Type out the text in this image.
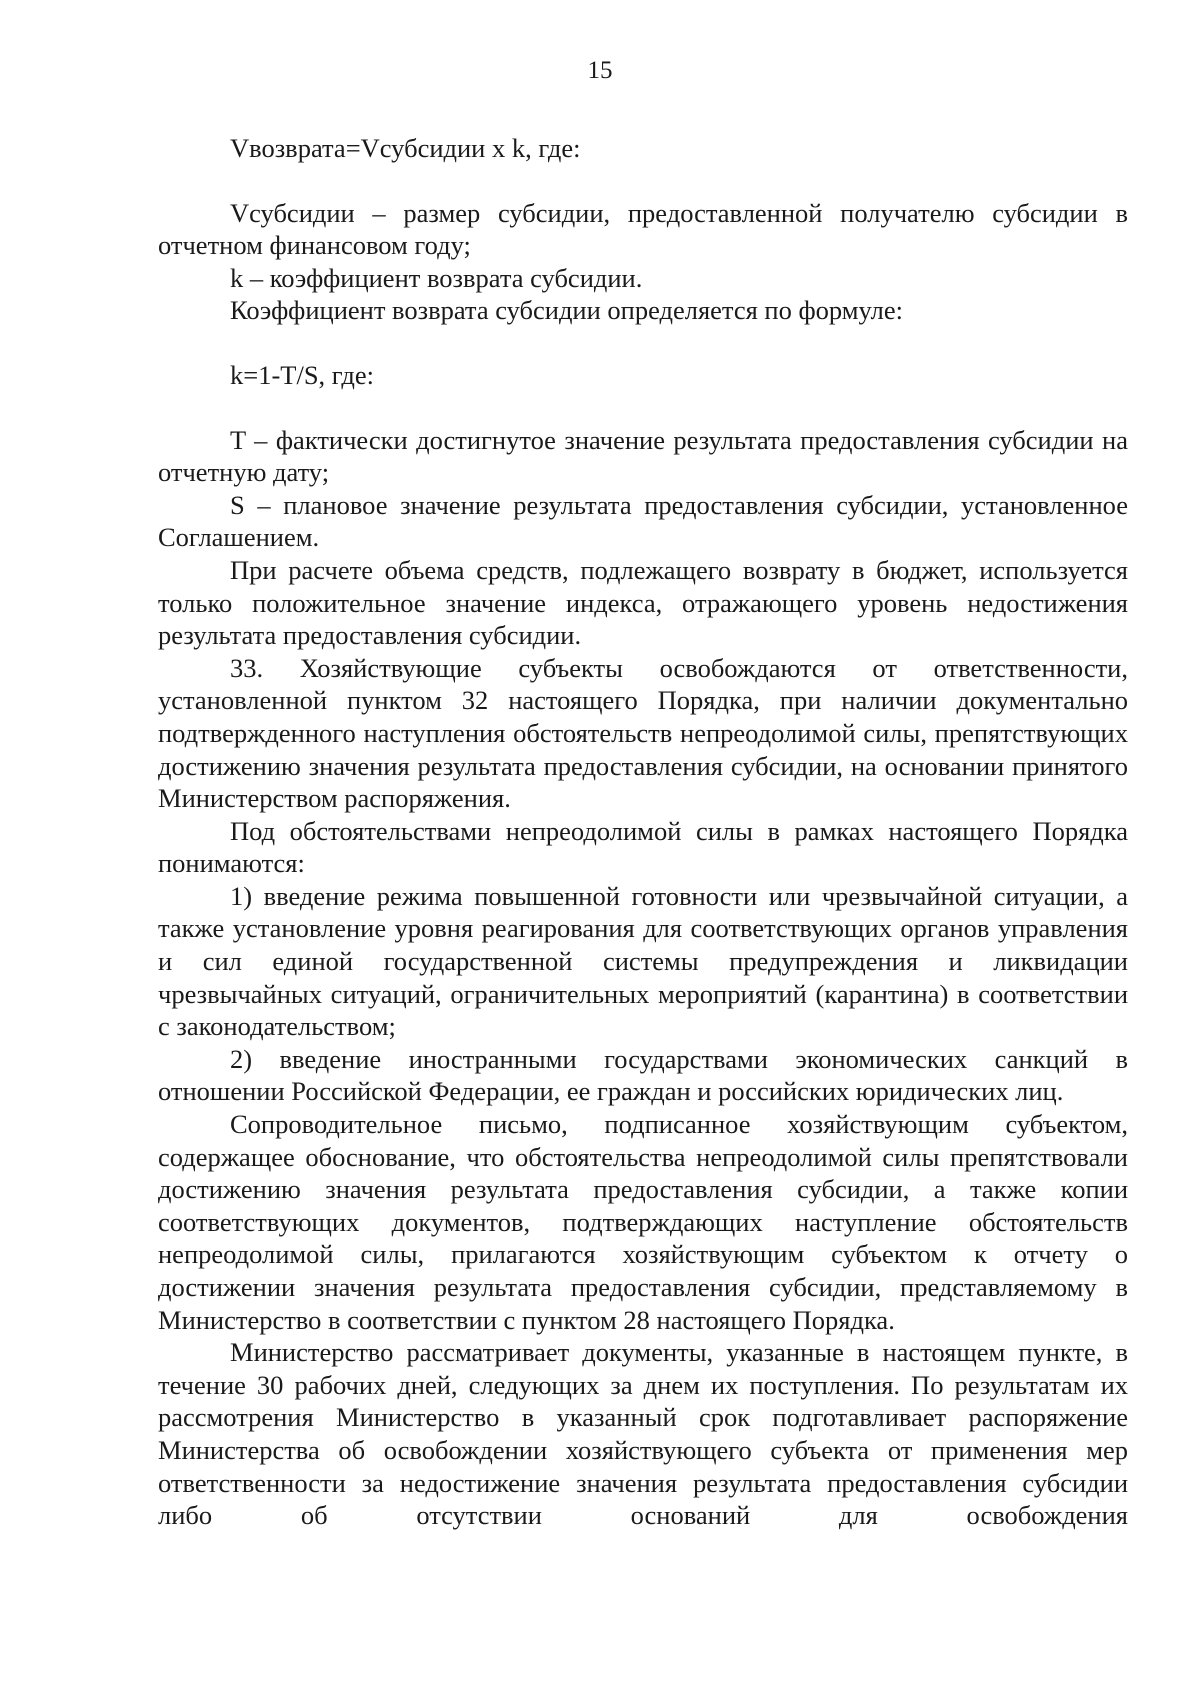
15

Vвозврата=Vсубсидии х k, где:

Vсубсидии – размер субсидии, предоставленной получателю субсидии в отчетном финансовом году;

k – коэффициент возврата субсидии.

Коэффициент возврата субсидии определяется по формуле:

k=1-T/S, где:

T – фактически достигнутое значение результата предоставления субсидии на отчетную дату;

S – плановое значение результата предоставления субсидии, установленное Соглашением.

При расчете объема средств, подлежащего возврату в бюджет, используется только положительное значение индекса, отражающего уровень недостижения результата предоставления субсидии.

33. Хозяйствующие субъекты освобождаются от ответственности, установленной пунктом 32 настоящего Порядка, при наличии документально подтвержденного наступления обстоятельств непреодолимой силы, препятствующих достижению значения результата предоставления субсидии, на основании принятого Министерством распоряжения.

Под обстоятельствами непреодолимой силы в рамках настоящего Порядка понимаются:

1) введение режима повышенной готовности или чрезвычайной ситуации, а также установление уровня реагирования для соответствующих органов управления и сил единой государственной системы предупреждения и ликвидации чрезвычайных ситуаций, ограничительных мероприятий (карантина) в соответствии с законодательством;

2) введение иностранными государствами экономических санкций в отношении Российской Федерации, ее граждан и российских юридических лиц.

Сопроводительное письмо, подписанное хозяйствующим субъектом, содержащее обоснование, что обстоятельства непреодолимой силы препятствовали достижению значения результата предоставления субсидии, а также копии соответствующих документов, подтверждающих наступление обстоятельств непреодолимой силы, прилагаются хозяйствующим субъектом к отчету о достижении значения результата предоставления субсидии, представляемому в Министерство в соответствии с пунктом 28 настоящего Порядка.

Министерство рассматривает документы, указанные в настоящем пункте, в течение 30 рабочих дней, следующих за днем их поступления. По результатам их рассмотрения Министерство в указанный срок подготавливает распоряжение Министерства об освобождении хозяйствующего субъекта от применения мер ответственности за недостижение значения результата предоставления субсидии либо об отсутствии оснований для освобождения
